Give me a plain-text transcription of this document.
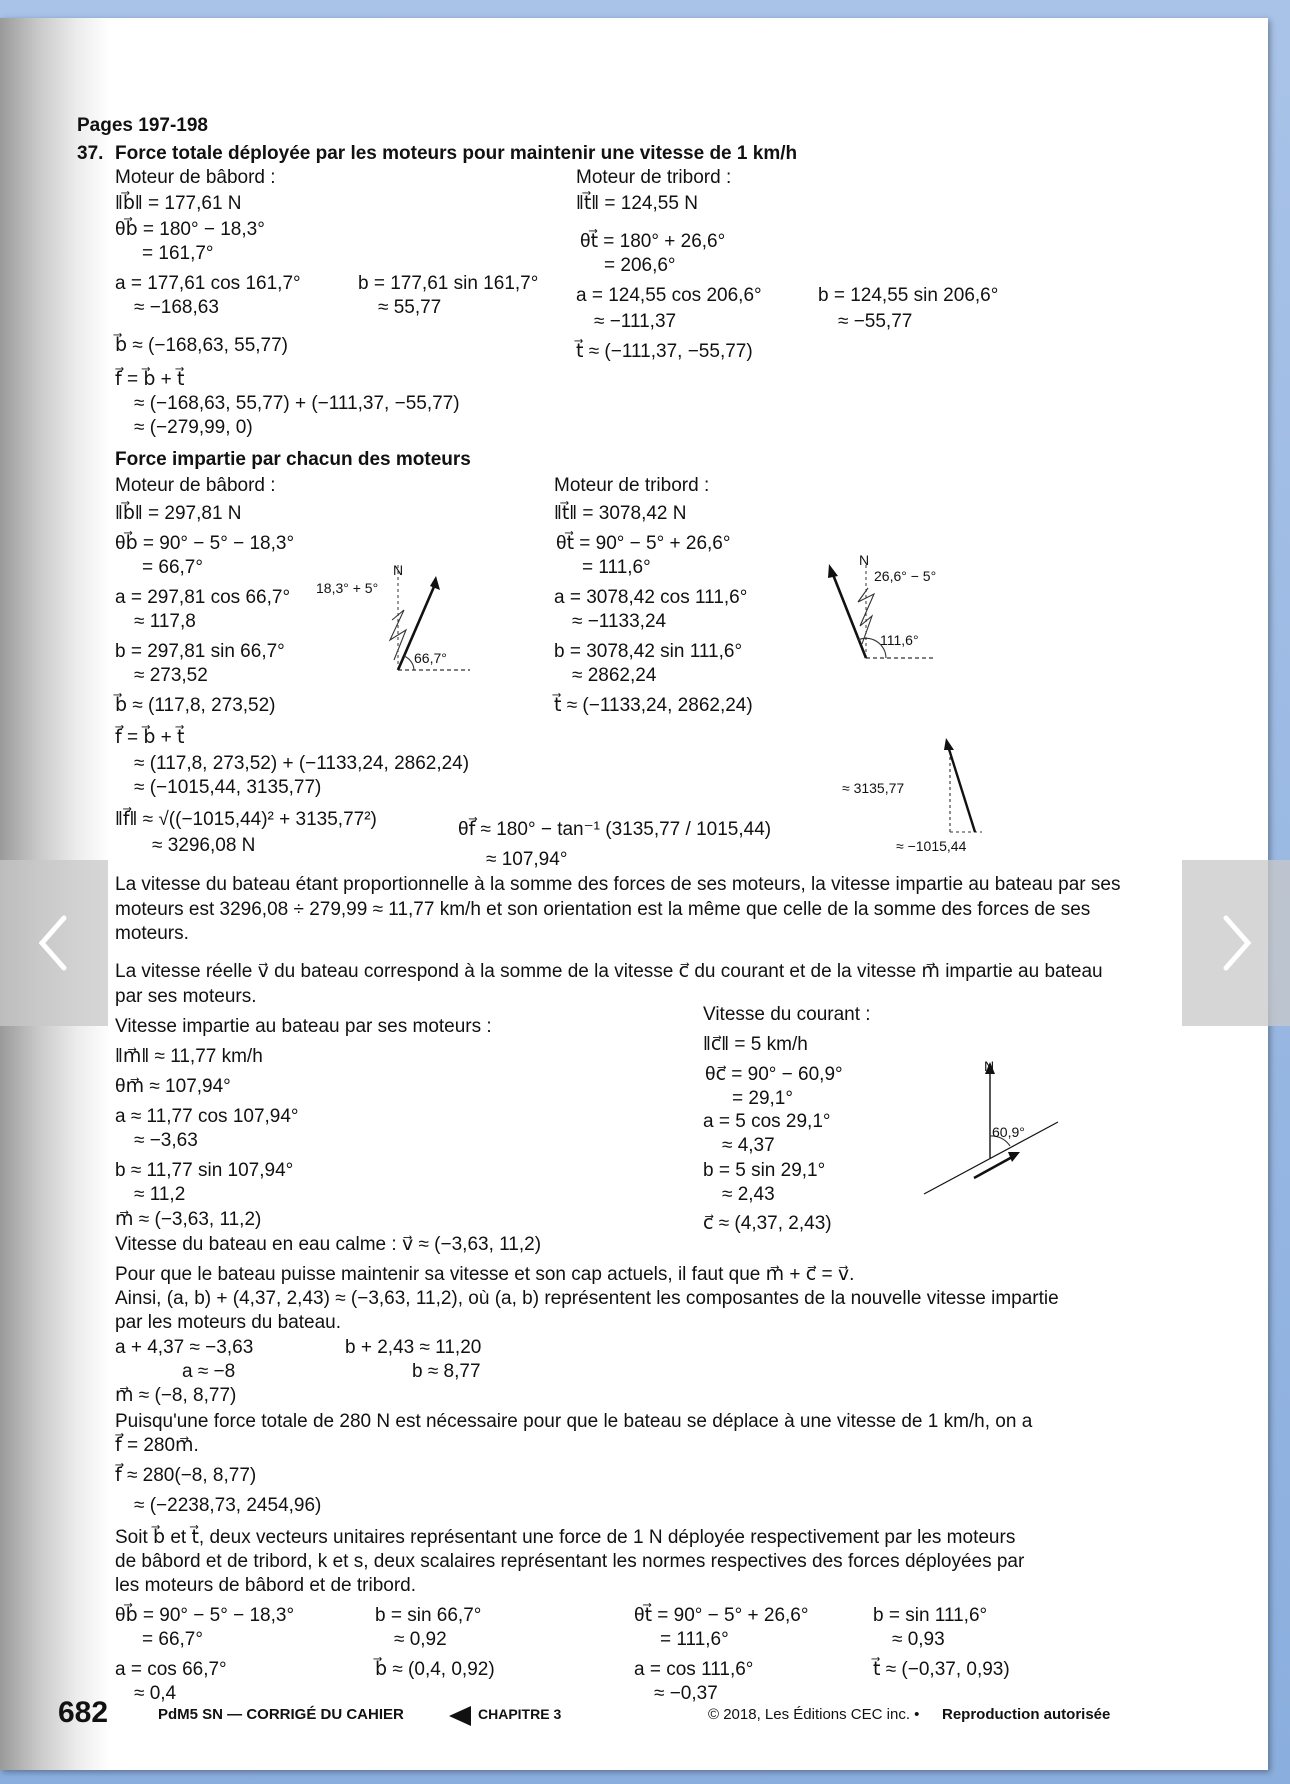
Pages 197-198
37. Force totale déployée par les moteurs pour maintenir une vitesse de 1 km/h
Moteur de bâbord :
‖b⃗‖ = 177,61 N
θb⃗ = 180° − 18,3°
= 161,7°
a = 177,61 cos 161,7°
≈ −168,63
b = 177,61 sin 161,7°
≈ 55,77
b⃗ ≈ (−168,63, 55,77)
Moteur de tribord :
‖t⃗‖ = 124,55 N
θt⃗ = 180° + 26,6°
= 206,6°
a = 124,55 cos 206,6°
≈ −111,37
b = 124,55 sin 206,6°
≈ −55,77
t⃗ ≈ (−111,37, −55,77)
f⃗ = b⃗ + t⃗
≈ (−168,63, 55,77) + (−111,37, −55,77)
≈ (−279,99, 0)
Force impartie par chacun des moteurs
Moteur de bâbord :
‖b⃗‖ = 297,81 N
θb⃗ = 90° − 5° − 18,3°
= 66,7°
a = 297,81 cos 66,7°
≈ 117,8
b = 297,81 sin 66,7°
≈ 273,52
b⃗ ≈ (117,8, 273,52)
Moteur de tribord :
‖t⃗‖ = 3078,42 N
θt⃗ = 90° − 5° + 26,6°
= 111,6°
a = 3078,42 cos 111,6°
≈ −1133,24
b = 3078,42 sin 111,6°
≈ 2862,24
t⃗ ≈ (−1133,24, 2862,24)
N
18,3° + 5°
66,7°
N
26,6° − 5°
111,6°
≈ 3135,77
≈ −1015,44
f⃗ = b⃗ + t⃗
≈ (117,8, 273,52) + (−1133,24, 2862,24)
≈ (−1015,44, 3135,77)
‖f⃗‖ ≈ √((−1015,44)² + 3135,77²)
≈ 3296,08 N
θf⃗ ≈ 180° − tan⁻¹ (3135,77 / 1015,44)
≈ 107,94°
La vitesse du bateau étant proportionnelle à la somme des forces de ses moteurs, la vitesse impartie au bateau par ses moteurs est 3296,08 ÷ 279,99 ≈ 11,77 km/h et son orientation est la même que celle de la somme des forces de ses moteurs.
La vitesse réelle v⃗ du bateau correspond à la somme de la vitesse c⃗ du courant et de la vitesse m⃗ impartie au bateau par ses moteurs.
Vitesse impartie au bateau par ses moteurs :
‖m⃗‖ ≈ 11,77 km/h
θm⃗ ≈ 107,94°
a ≈ 11,77 cos 107,94°
≈ −3,63
b ≈ 11,77 sin 107,94°
≈ 11,2
m⃗ ≈ (−3,63, 11,2)
Vitesse du courant :
‖c⃗‖ = 5 km/h
θc⃗ = 90° − 60,9°
= 29,1°
a = 5 cos 29,1°
≈ 4,37
b = 5 sin 29,1°
≈ 2,43
c⃗ ≈ (4,37, 2,43)
N
60,9°
Vitesse du bateau en eau calme : v⃗ ≈ (−3,63, 11,2)
Pour que le bateau puisse maintenir sa vitesse et son cap actuels, il faut que m⃗ + c⃗ = v⃗.
Ainsi, (a, b) + (4,37, 2,43) ≈ (−3,63, 11,2), où (a, b) représentent les composantes de la nouvelle vitesse impartie
par les moteurs du bateau.
a + 4,37 ≈ −3,63
a ≈ −8
b + 2,43 ≈ 11,20
b ≈ 8,77
m⃗ ≈ (−8, 8,77)
Puisqu'une force totale de 280 N est nécessaire pour que le bateau se déplace à une vitesse de 1 km/h, on a
f⃗ = 280m⃗.
f⃗ ≈ 280(−8, 8,77)
≈ (−2238,73, 2454,96)
Soit b⃗ et t⃗, deux vecteurs unitaires représentant une force de 1 N déployée respectivement par les moteurs
de bâbord et de tribord, k et s, deux scalaires représentant les normes respectives des forces déployées par
les moteurs de bâbord et de tribord.
θb⃗ = 90° − 5° − 18,3°
= 66,7°
a = cos 66,7°
≈ 0,4
b = sin 66,7°
≈ 0,92
b⃗ ≈ (0,4, 0,92)
θt⃗ = 90° − 5° + 26,6°
= 111,6°
a = cos 111,6°
≈ −0,37
b = sin 111,6°
≈ 0,93
t⃗ ≈ (−0,37, 0,93)
682	PdM5 SN — CORRIGÉ DU CAHIER	CHAPITRE 3	© 2018, Les Éditions CEC inc. • Reproduction autorisée
